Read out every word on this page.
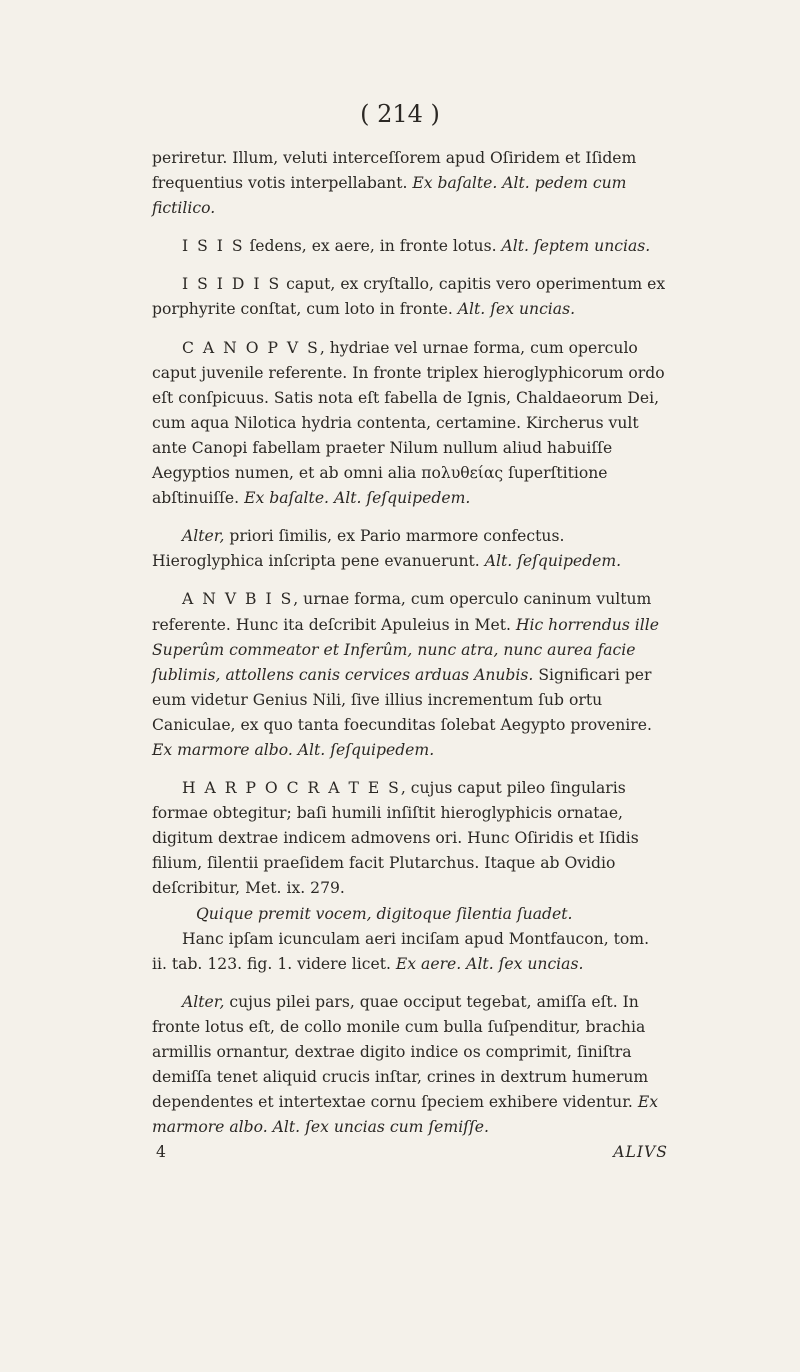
( 214 )

periretur. Illum, veluti interceſſorem apud Oſiridem et Iſidem frequentius votis interpellabant. Ex baſalte. Alt. pedem cum fictilico.

I S I S ſedens, ex aere, in fronte lotus. Alt. ſeptem uncias.

I S I D I S caput, ex cryſtallo, capitis vero operimentum ex porphyrite conſtat, cum loto in fronte. Alt. ſex uncias.

C A N O P V S, hydriae vel urnae forma, cum operculo caput juvenile referente. In fronte triplex hieroglyphicorum ordo eſt conſpicuus. Satis nota eſt fabella de Ignis, Chaldaeorum Dei, cum aqua Nilotica hydria contenta, certamine. Kircherus vult ante Canopi fabellam praeter Nilum nullum aliud habuiſſe Aegyptios numen, et ab omni alia πολυθείας ſuperſtitione abſtinuiſſe. Ex baſalte. Alt. ſeſquipedem.

Alter, priori ſimilis, ex Pario marmore confectus. Hieroglyphica inſcripta pene evanuerunt. Alt. ſeſquipedem.

A N V B I S, urnae forma, cum operculo caninum vultum referente. Hunc ita deſcribit Apuleius in Met. Hic horrendus ille Superûm commeator et Inferûm, nunc atra, nunc aurea facie ſublimis, attollens canis cervices arduas Anubis. Significari per eum videtur Genius Nili, ſive illius incrementum ſub ortu Caniculae, ex quo tanta foecunditas ſolebat Aegypto provenire. Ex marmore albo. Alt. ſeſquipedem.

H A R P O C R A T E S, cujus caput pileo ſingularis formae obtegitur; baſi humili inſiſtit hieroglyphicis ornatae, digitum dextrae indicem admovens ori. Hunc Oſiridis et Iſidis filium, ſilentii praeſidem facit Plutarchus. Itaque ab Ovidio deſcribitur, Met. ix. 279.

Quique premit vocem, digitoque ſilentia ſuadet.

Hanc ipſam icunculam aeri inciſam apud Montfaucon, tom. ii. tab. 123. fig. 1. videre licet. Ex aere. Alt. ſex uncias.

Alter, cujus pilei pars, quae occiput tegebat, amiſſa eſt. In fronte lotus eſt, de collo monile cum bulla ſuſpenditur, brachia armillis ornantur, dextrae digito indice os comprimit, ſiniſtra demiſſa tenet aliquid crucis inſtar, crines in dextrum humerum dependentes et intertextae cornu ſpeciem exhibere videntur. Ex marmore albo. Alt. ſex uncias cum ſemiſſe.

4	ALIVS
